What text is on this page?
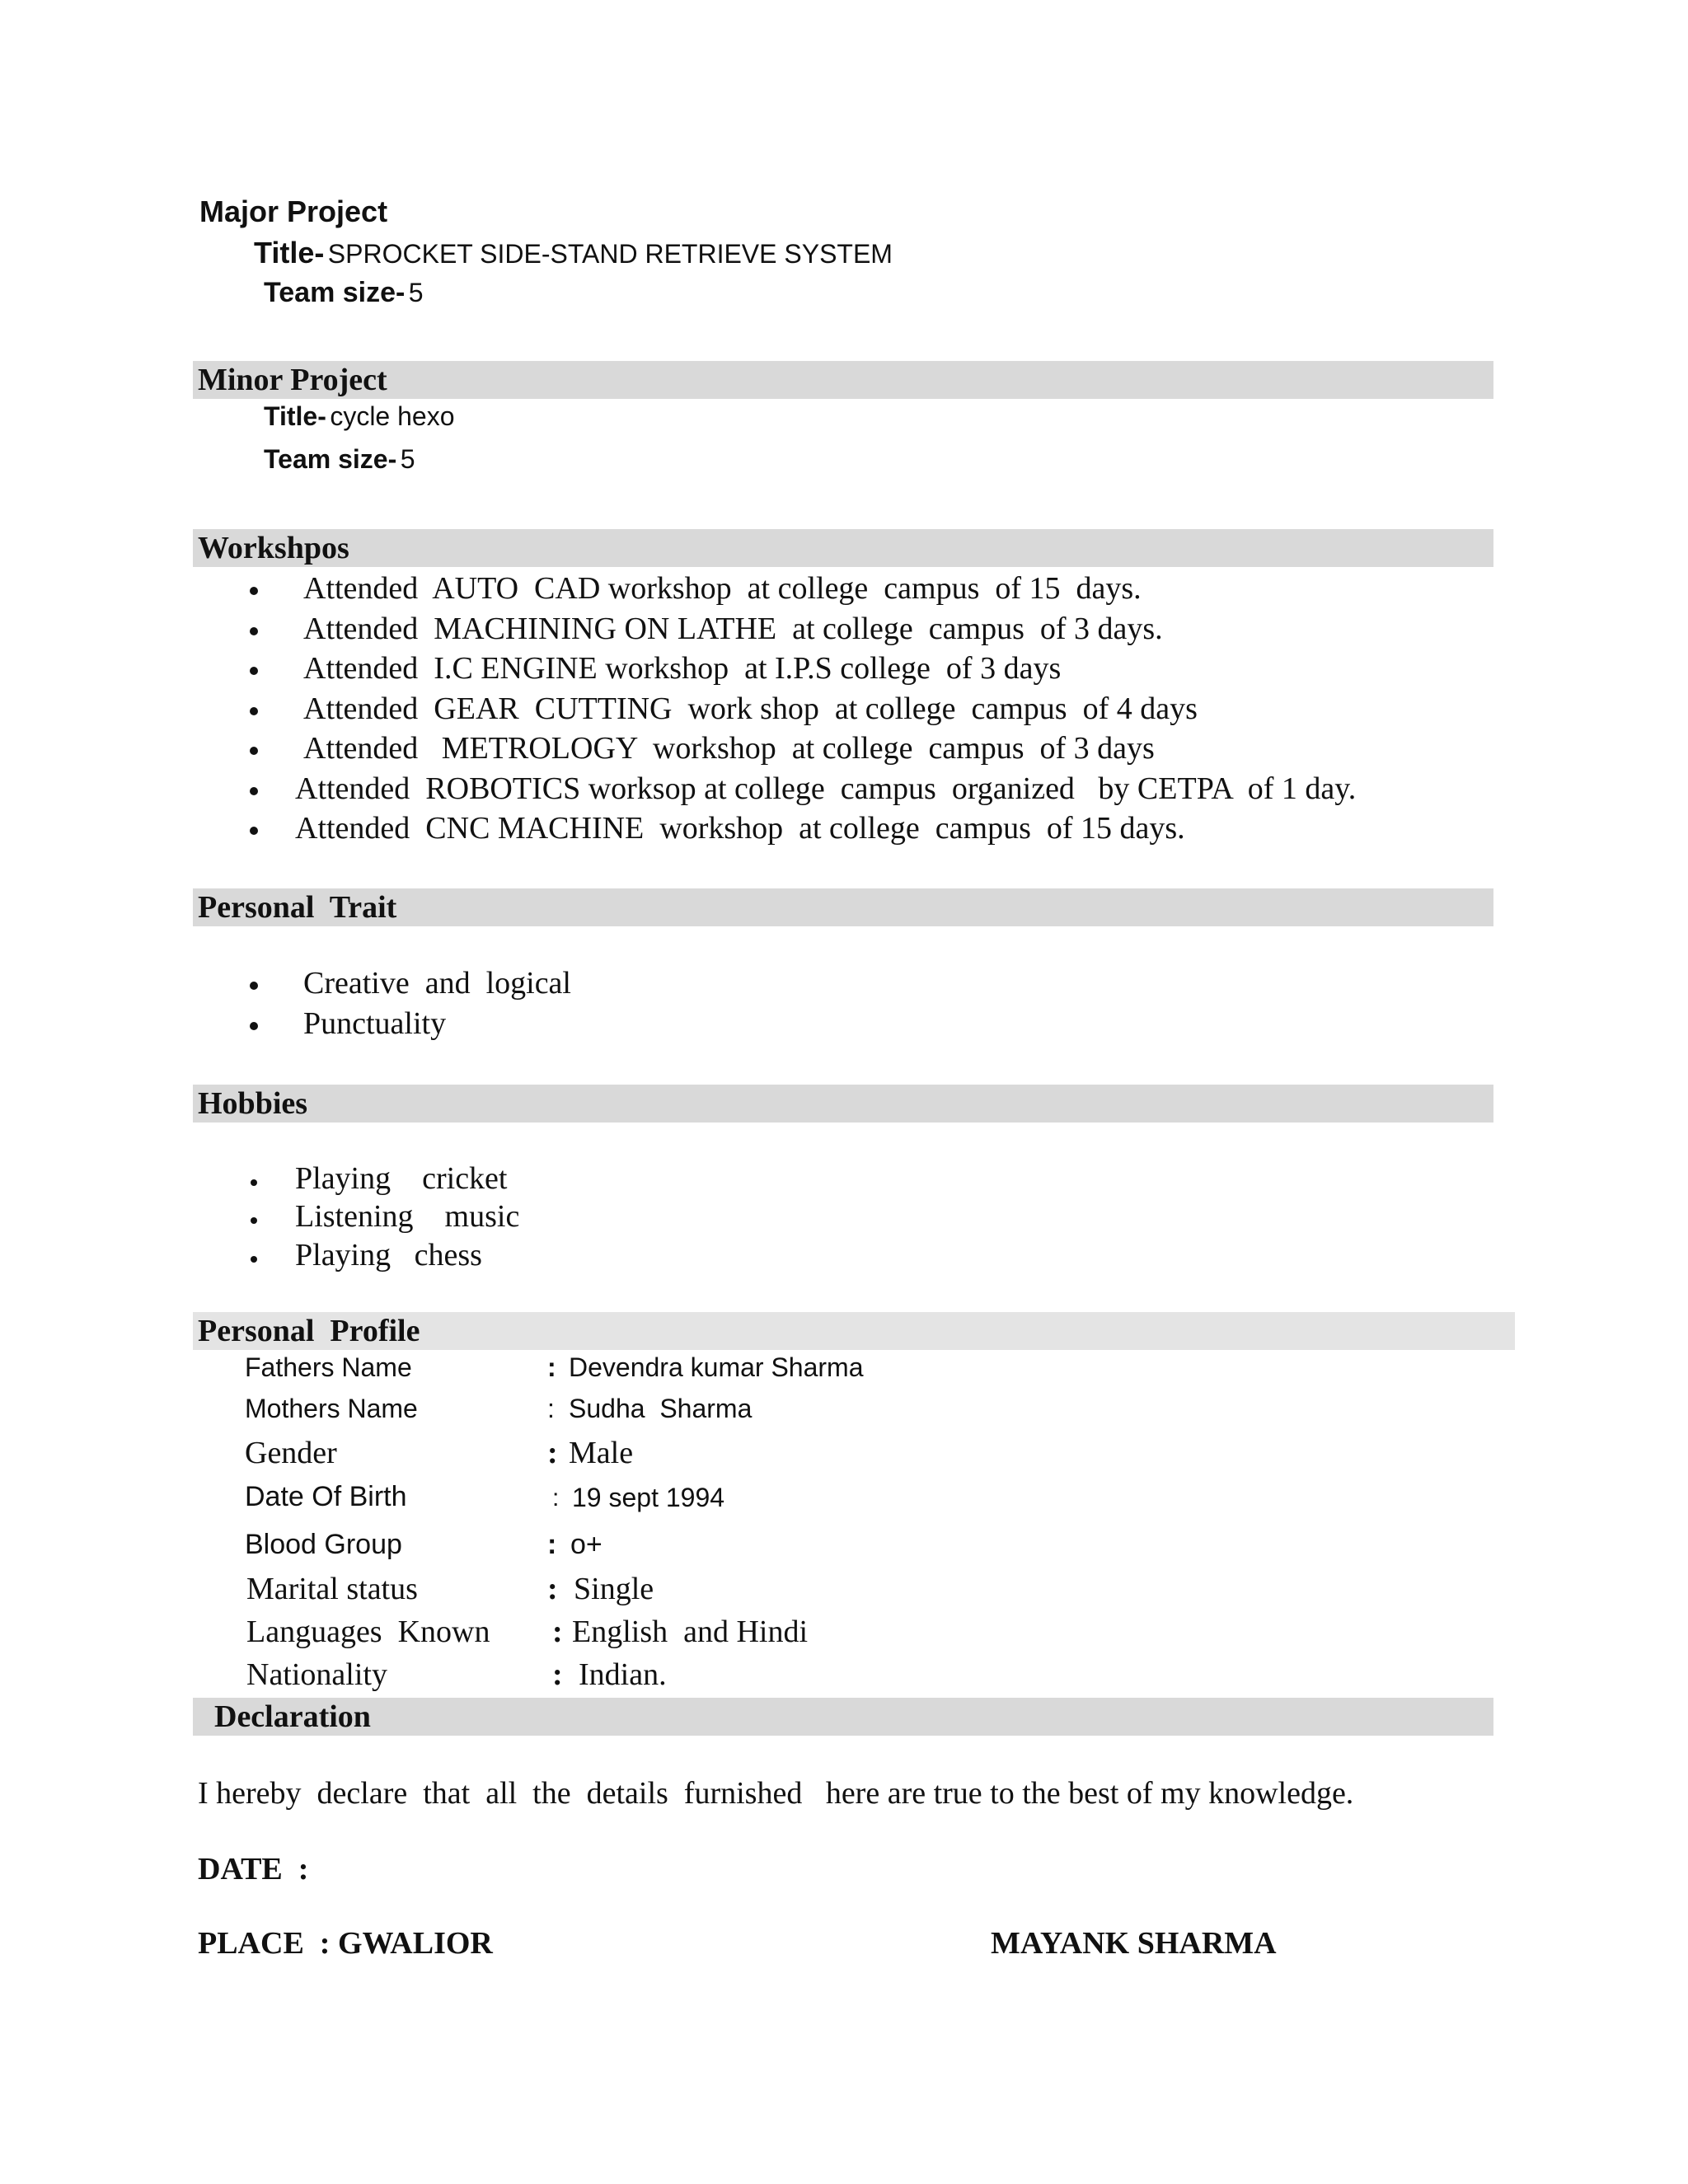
Major Project
Title- SPROCKET SIDE-STAND RETRIEVE SYSTEM
Team size- 5
Minor Project
Title- cycle hexo
Team size- 5
Workshpos
Attended  AUTO  CAD workshop  at college  campus  of 15  days.
Attended  MACHINING ON LATHE  at college  campus  of 3 days.
Attended  I.C ENGINE workshop  at I.P.S college  of 3 days
Attended  GEAR  CUTTING  work shop  at college  campus  of 4 days
Attended   METROLOGY  workshop  at college  campus  of 3 days
Attended  ROBOTICS worksop at college  campus  organized   by CETPA  of 1 day.
Attended  CNC MACHINE  workshop  at college  campus  of 15 days.
Personal  Trait
Creative  and  logical
Punctuality
Hobbies
Playing    cricket
Listening    music
Playing   chess
Personal  Profile
Fathers Name	: Devendra kumar Sharma
Mothers Name	: Sudha  Sharma
Gender	: Male
Date Of Birth	: 19 sept 1994
Blood Group	: o+
Marital status	: Single
Languages  Known : English  and Hindi
Nationality	: Indian.
Declaration
I hereby  declare  that  all  the  details  furnished   here are true to the best of my knowledge.
DATE  :
PLACE  : GWALIOR	MAYANK SHARMA
